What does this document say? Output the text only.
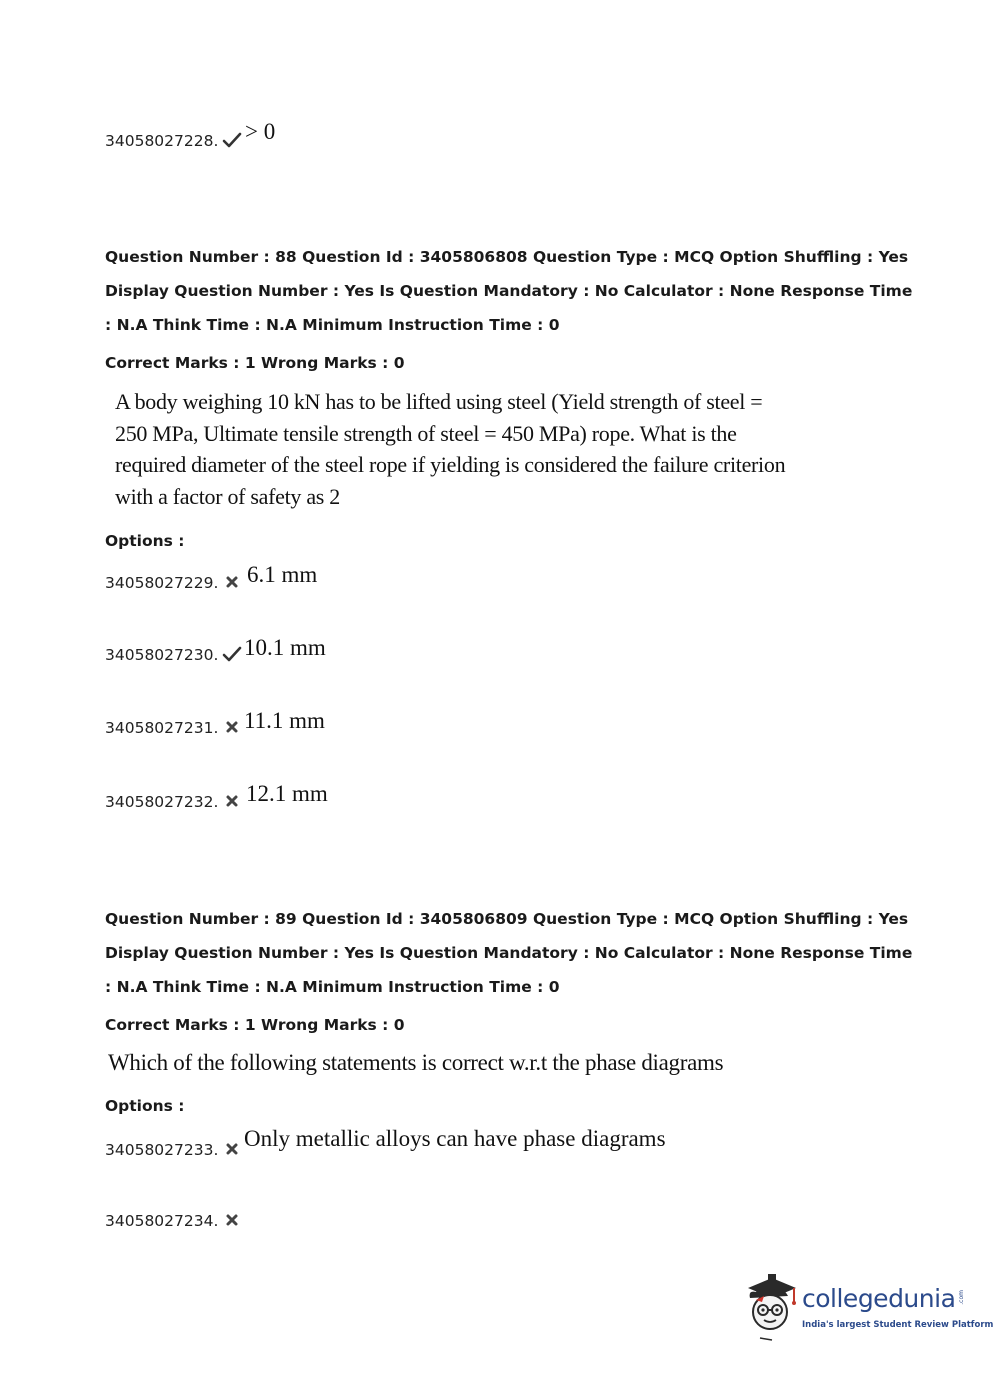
34058027228. > 0
Question Number : 88 Question Id : 3405806808 Question Type : MCQ Option Shuffling : Yes
Display Question Number : Yes Is Question Mandatory : No Calculator : None Response Time
: N.A Think Time : N.A Minimum Instruction Time : 0
Correct Marks : 1 Wrong Marks : 0
A body weighing 10 kN has to be lifted using steel (Yield strength of steel =
250 MPa, Ultimate tensile strength of steel = 450 MPa) rope. What is the
required diameter of the steel rope if yielding is considered the failure criterion
with a factor of safety as 2
Options :
34058027229. 6.1 mm
34058027230. 10.1 mm
34058027231. 11.1 mm
34058027232. 12.1 mm
Question Number : 89 Question Id : 3405806809 Question Type : MCQ Option Shuffling : Yes
Display Question Number : Yes Is Question Mandatory : No Calculator : None Response Time
: N.A Think Time : N.A Minimum Instruction Time : 0
Correct Marks : 1 Wrong Marks : 0
Which of the following statements is correct w.r.t the phase diagrams
Options :
34058027233. Only metallic alloys can have phase diagrams
34058027234.
collegedunia .com
India's largest Student Review Platform
